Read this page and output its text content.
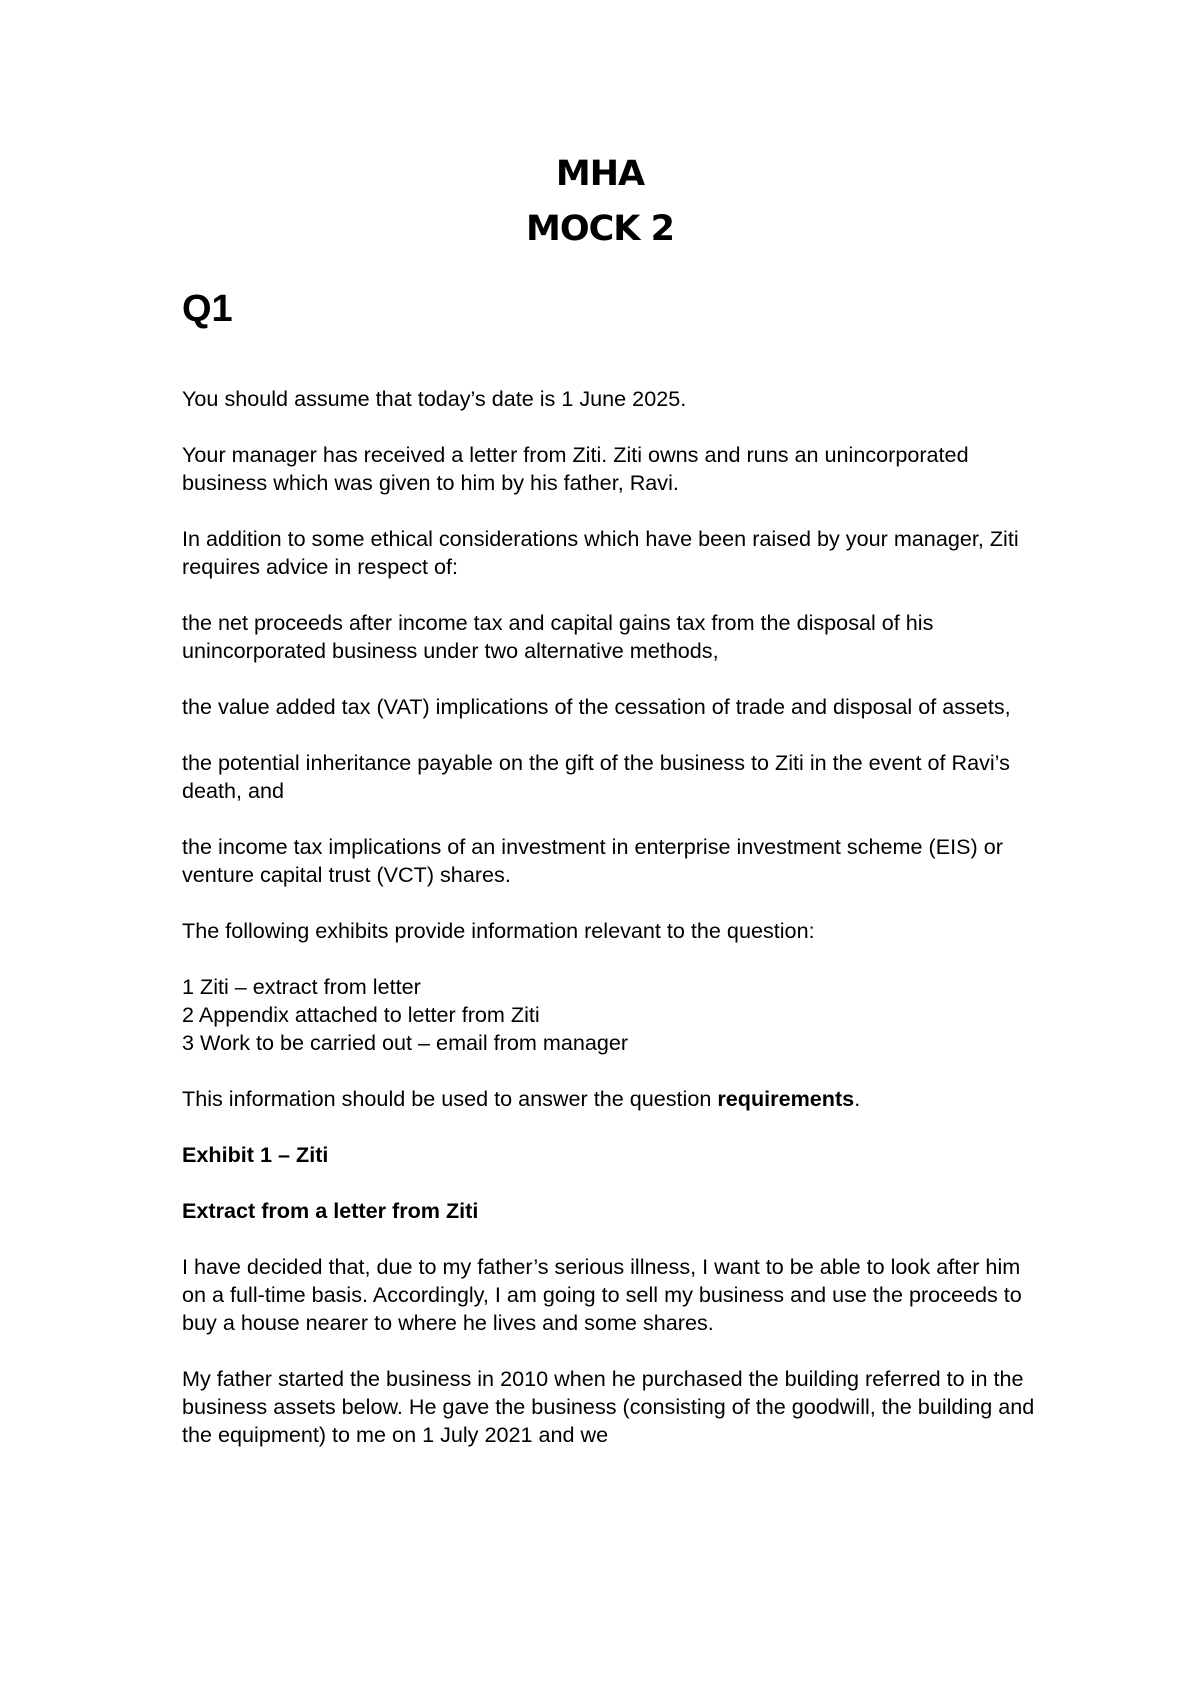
MHA
MOCK 2
Q1

You should assume that today’s date is 1 June 2025.

Your manager has received a letter from Ziti. Ziti owns and runs an unincorporated business which was given to him by his father, Ravi.

In addition to some ethical considerations which have been raised by your manager, Ziti requires advice in respect of:

the net proceeds after income tax and capital gains tax from the disposal of his unincorporated business under two alternative methods,

the value added tax (VAT) implications of the cessation of trade and disposal of assets,

the potential inheritance payable on the gift of the business to Ziti in the event of Ravi’s death, and

the income tax implications of an investment in enterprise investment scheme (EIS) or venture capital trust (VCT) shares.

The following exhibits provide information relevant to the question:

1 Ziti – extract from letter
2 Appendix attached to letter from Ziti
3 Work to be carried out – email from manager

This information should be used to answer the question requirements.

Exhibit 1 – Ziti

Extract from a letter from Ziti

I have decided that, due to my father’s serious illness, I want to be able to look after him on a full-time basis. Accordingly, I am going to sell my business and use the proceeds to buy a house nearer to where he lives and some shares.

My father started the business in 2010 when he purchased the building referred to in the business assets below. He gave the business (consisting of the goodwill, the building and the equipment) to me on 1 July 2021 and we
